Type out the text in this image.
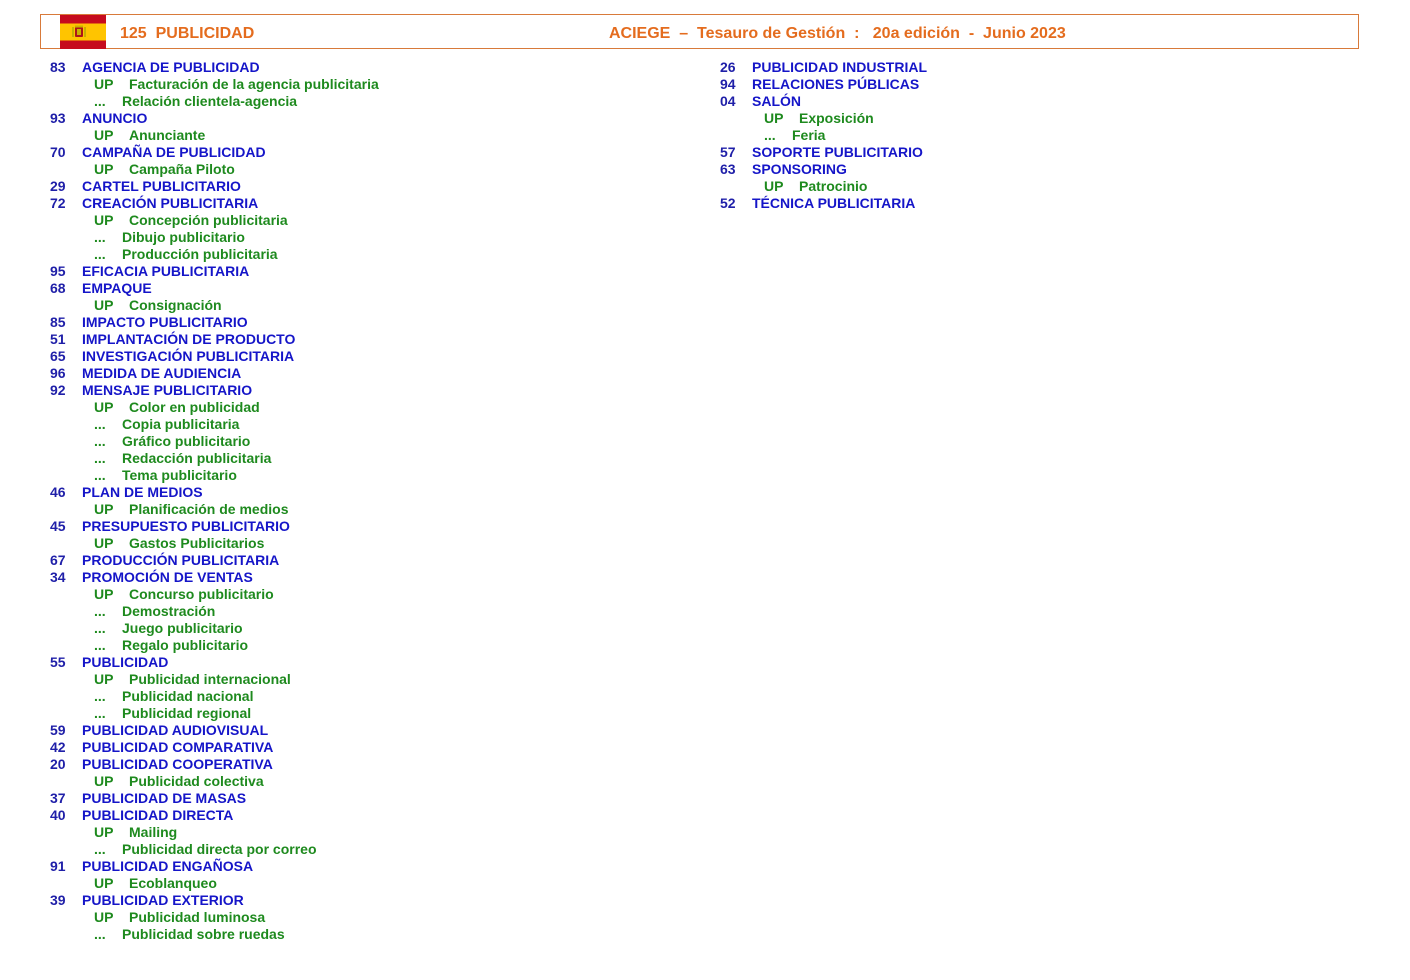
125 PUBLICIDAD	ACIEGE – Tesauro de Gestión : 20a edición - Junio 2023
83 AGENCIA DE PUBLICIDAD
UP Facturación de la agencia publicitaria
... Relación clientela-agencia
93 ANUNCIO
UP Anunciante
70 CAMPAÑA DE PUBLICIDAD
UP Campaña Piloto
29 CARTEL PUBLICITARIO
72 CREACIÓN PUBLICITARIA
UP Concepción publicitaria
... Dibujo publicitario
... Producción publicitaria
95 EFICACIA PUBLICITARIA
68 EMPAQUE
UP Consignación
85 IMPACTO PUBLICITARIO
51 IMPLANTACIÓN DE PRODUCTO
65 INVESTIGACIÓN PUBLICITARIA
96 MEDIDA DE AUDIENCIA
92 MENSAJE PUBLICITARIO
UP Color en publicidad
... Copia publicitaria
... Gráfico publicitario
... Redacción publicitaria
... Tema publicitario
46 PLAN DE MEDIOS
UP Planificación de medios
45 PRESUPUESTO PUBLICITARIO
UP Gastos Publicitarios
67 PRODUCCIÓN PUBLICITARIA
34 PROMOCIÓN DE VENTAS
UP Concurso publicitario
... Demostración
... Juego publicitario
... Regalo publicitario
55 PUBLICIDAD
UP Publicidad internacional
... Publicidad nacional
... Publicidad regional
59 PUBLICIDAD AUDIOVISUAL
42 PUBLICIDAD COMPARATIVA
20 PUBLICIDAD COOPERATIVA
UP Publicidad colectiva
37 PUBLICIDAD DE MASAS
40 PUBLICIDAD DIRECTA
UP Mailing
... Publicidad directa por correo
91 PUBLICIDAD ENGAÑOSA
UP Ecoblanqueo
39 PUBLICIDAD EXTERIOR
UP Publicidad luminosa
... Publicidad sobre ruedas
26 PUBLICIDAD INDUSTRIAL
94 RELACIONES PÚBLICAS
04 SALÓN
UP Exposición
... Feria
57 SOPORTE PUBLICITARIO
63 SPONSORING
UP Patrocinio
52 TÉCNICA PUBLICITARIA
